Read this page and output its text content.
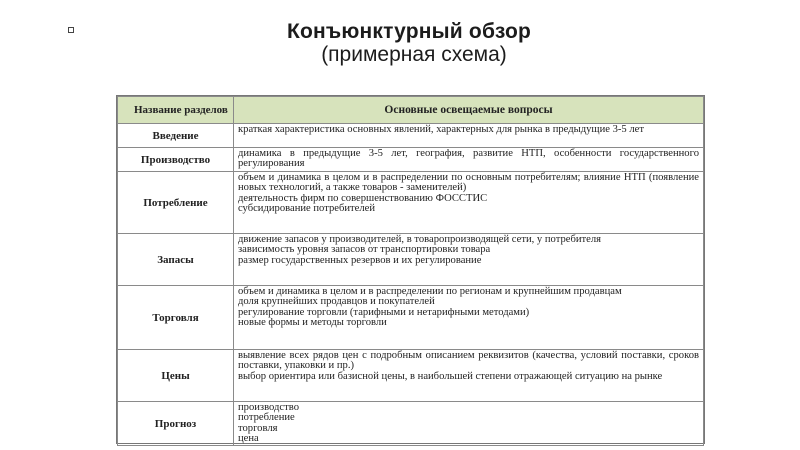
Конъюнктурный обзор
(примерная схема)
Название разделов	Основные освещаемые вопросы
Введение	краткая характеристика основных явлений, характерных для рынка в предыдущие 3-5 лет

Производство	динамика в предыдущие 3-5 лет, география, развитие НТП, особенности государственного регулирования

Потребление	объем и динамика в целом и в распределении по основным потребителям; влияние НТП (появление новых технологий, а также товаров - заменителей)
деятельность фирм по совершенствованию ФОССТИС
субсидирование потребителей

Запасы	движение запасов у производителей, в товаропроизводящей сети, у потребителя
зависимость уровня запасов от транспортировки товара
размер государственных резервов и их регулирование

Торговля	объем и динамика в целом и в распределении по регионам и крупнейшим продавцам
доля крупнейших продавцов и покупателей
регулирование торговли (тарифными и нетарифными методами)
новые формы и методы торговли

Цены	выявление всех рядов цен с подробным описанием реквизитов (качества, условий поставки, сроков поставки, упаковки и пр.)
выбор ориентира или базисной цены, в наибольшей степени отражающей ситуацию на рынке

Прогноз	производство
потребление
торговля
цена
